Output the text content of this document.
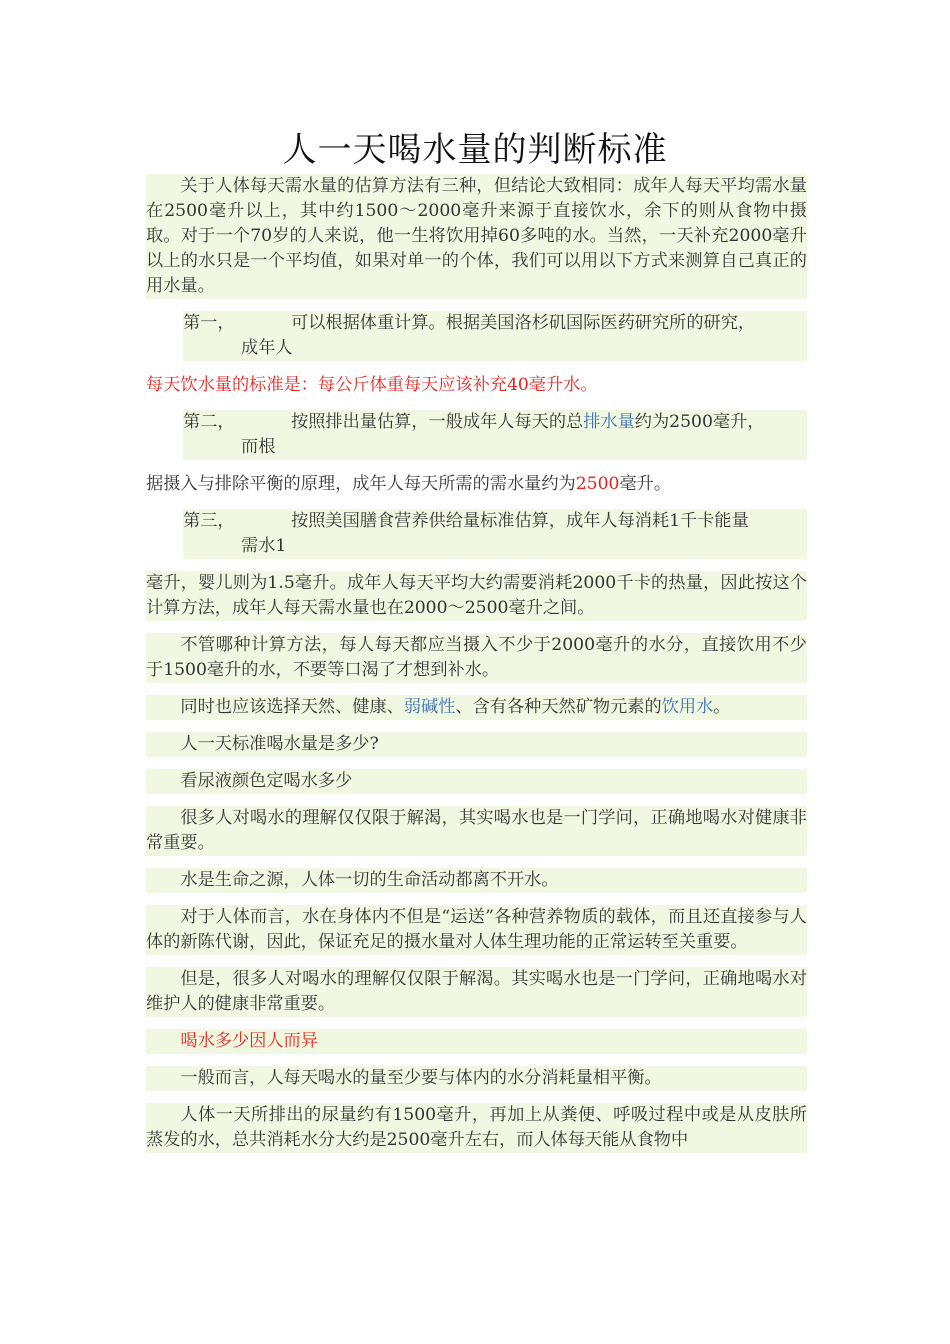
人一天喝水量的判断标准

关于人体每天需水量的估算方法有三种，但结论大致相同：成年人每天平均需水量在2500毫升以上，其中约1500～2000毫升来源于直接饮水，余下的则从食物中摄取。对于一个70岁的人来说，他一生将饮用掉60多吨的水。当然，一天补充2000毫升以上的水只是一个平均值，如果对单一的个体，我们可以用以下方式来测算自己真正的用水量。

第一，	可以根据体重计算。根据美国洛杉矶国际医药研究所的研究，
成年人

每天饮水量的标准是：每公斤体重每天应该补充40毫升水。

第二，	按照排出量估算，一般成年人每天的总排水量约为2500毫升，
而根

据摄入与排除平衡的原理，成年人每天所需的需水量约为2500毫升。

第三，	按照美国膳食营养供给量标准估算，成年人每消耗1千卡能量
需水1

毫升，婴儿则为1.5毫升。成年人每天平均大约需要消耗2000千卡的热量，因此按这个计算方法，成年人每天需水量也在2000～2500毫升之间。

不管哪种计算方法，每人每天都应当摄入不少于2000毫升的水分，直接饮用不少于1500毫升的水，不要等口渴了才想到补水。

同时也应该选择天然、健康、弱碱性、含有各种天然矿物元素的饮用水。

人一天标准喝水量是多少?

看尿液颜色定喝水多少

很多人对喝水的理解仅仅限于解渴，其实喝水也是一门学问，正确地喝水对健康非常重要。

水是生命之源，人体一切的生命活动都离不开水。

对于人体而言，水在身体内不但是“运送”各种营养物质的载体，而且还直接参与人体的新陈代谢，因此，保证充足的摄水量对人体生理功能的正常运转至关重要。

但是，很多人对喝水的理解仅仅限于解渴。其实喝水也是一门学问，正确地喝水对维护人的健康非常重要。

喝水多少因人而异

一般而言，人每天喝水的量至少要与体内的水分消耗量相平衡。

人体一天所排出的尿量约有1500毫升，再加上从粪便、呼吸过程中或是从皮肤所蒸发的水，总共消耗水分大约是2500毫升左右，而人体每天能从食物中
